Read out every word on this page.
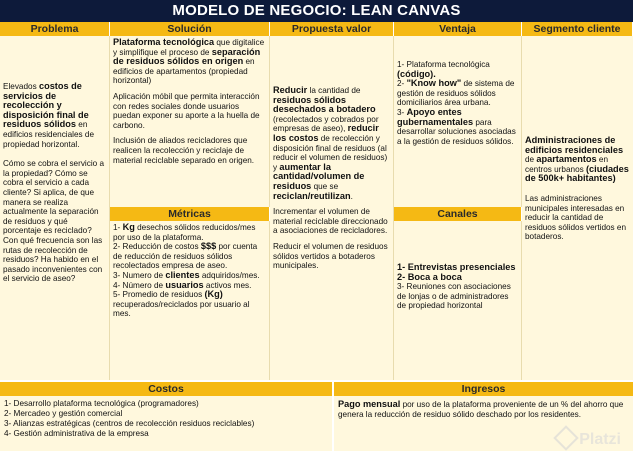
MODELO DE NEGOCIO: LEAN CANVAS
Problema	Solución	Propuesta valor	Ventaja	Segmento cliente

Elevados costos de servicios de recolección y disposición final de residuos sólidos en edificios residenciales de propiedad horizontal.

Cómo se cobra el servicio a la propiedad? Cómo se cobra el servicio a cada cliente? Si aplica, de que manera se realiza actualmente la separación de residuos y qué porcentaje es reciclado? Con qué frecuencia son las rutas de recolección de residuos? Ha habido en el pasado inconvenientes con el servicio de aseo?

Plataforma tecnológica que digitalice y simplifique el proceso de separación de residuos sólidos en origen en edificios de apartamentos (propiedad horizontal)

Aplicación móbil que permita interacción con redes sociales donde usuarios puedan exponer su aporte a la huella de carbono.

Inclusión de aliados recicladores que realicen la recolección y reciclaje de material reciclable separado en origen.

Métricas
1- Kg desechos sólidos reducidos/mes por uso de la plataforma.
2- Reducción de costos $$$ por cuenta de reducción de residuos sólidos recolectados empresa de aseo.
3- Numero de clientes adquiridos/mes.
4- Número de usuarios activos mes.
5- Promedio de residuos (Kg) recuperados/reciclados por usuario al mes.

Reducir la cantidad de residuos sólidos desechados a botadero (recolectados y cobrados por empresas de aseo), reducir los costos de recolección y disposición final de residuos (al reducir el volumen de residuos) y aumentar la cantidad/volumen de residuos que se reciclan/reutilizan.

Incrementar el volumen de material reciclable direccionado a asociaciones de recicladores.

Reducir el volumen de residuos sólidos vertidos a botaderos municipales.

1- Plataforma tecnológica (código).
2- "Know how" de sistema de gestión de residuos sólidos domiciliarios área urbana.
3- Apoyo entes gubernamentales para desarrollar soluciones asociadas a la gestión de residuos sólidos.
Canales
1- Entrevistas presenciales
2- Boca a boca
3- Reuniones con asociaciones de lonjas o de administradores de propiedad horizontal

Administraciones de edificios residenciales de apartamentos en centros urbanos (ciudades de 500k+ habitantes)

Las administraciones municipales interesadas en reducir la cantidad de residuos sólidos vertidos en botaderos.

Costos
1- Desarrollo plataforma tecnológica (programadores)
2- Mercadeo y gestión comercial
3- Alianzas estratégicas (centros de recolección residuos reciclables)
4- Gestión administrativa de la empresa
Ingresos
Pago mensual por uso de la plataforma proveniente de un % del ahorro que genera la reducción de residuo sólido deschado por los residentes.
Platzi
